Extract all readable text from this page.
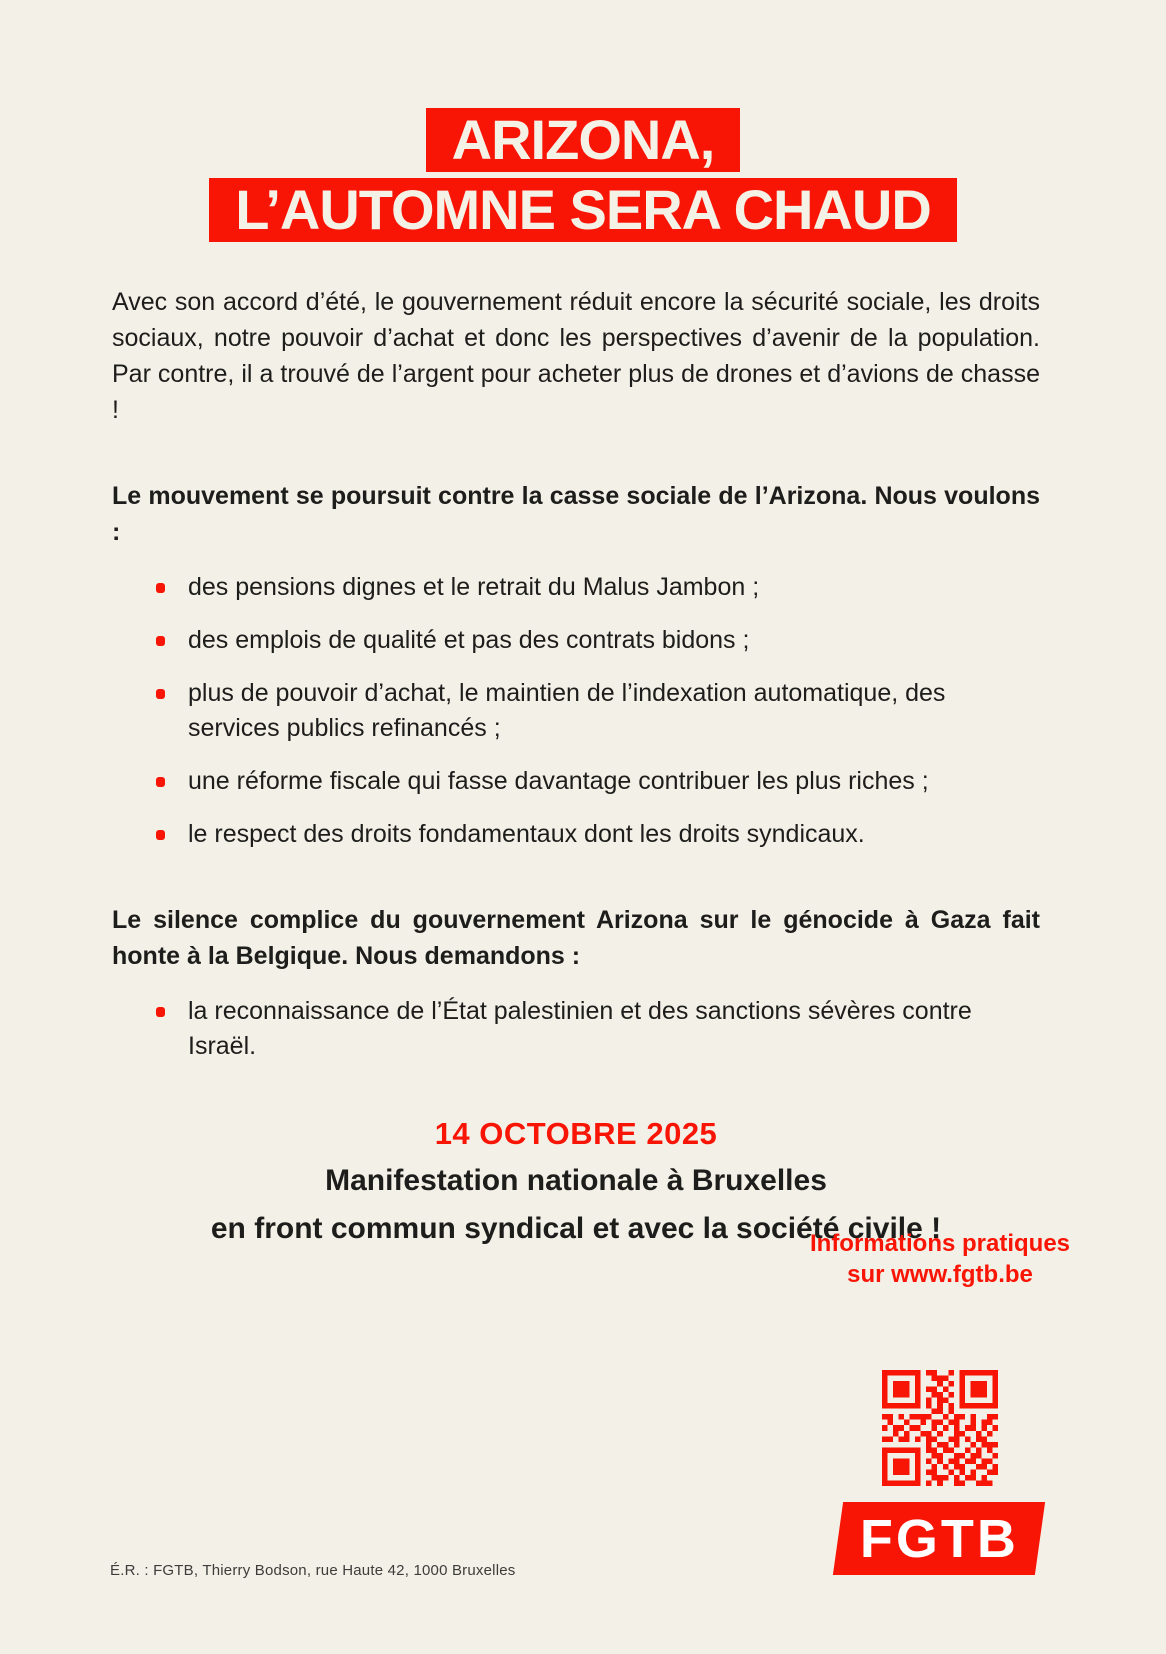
ARIZONA,
L’AUTOMNE SERA CHAUD

Avec son accord d’été, le gouvernement réduit encore la sécurité sociale, les droits sociaux, notre pouvoir d’achat et donc les perspectives d’avenir de la population. Par contre, il a trouvé de l’argent pour acheter plus de drones et d’avions de chasse !

Le mouvement se poursuit contre la casse sociale de l’Arizona. Nous voulons :

des pensions dignes et le retrait du Malus Jambon ;
des emplois de qualité et pas des contrats bidons ;
plus de pouvoir d’achat, le maintien de l’indexation automatique, des services publics refinancés ;
une réforme fiscale qui fasse davantage contribuer les plus riches ;
le respect des droits fondamentaux dont les droits syndicaux.

Le silence complice du gouvernement Arizona sur le génocide à Gaza fait honte à la Belgique. Nous demandons :

la reconnaissance de l’État palestinien et des sanctions sévères contre Israël.
14 OCTOBRE 2025
Manifestation nationale à Bruxelles
en front commun syndical et avec la société civile !
Informations pratiques
sur www.fgtb.be
FGTB
É.R. : FGTB, Thierry Bodson, rue Haute 42, 1000 Bruxelles
